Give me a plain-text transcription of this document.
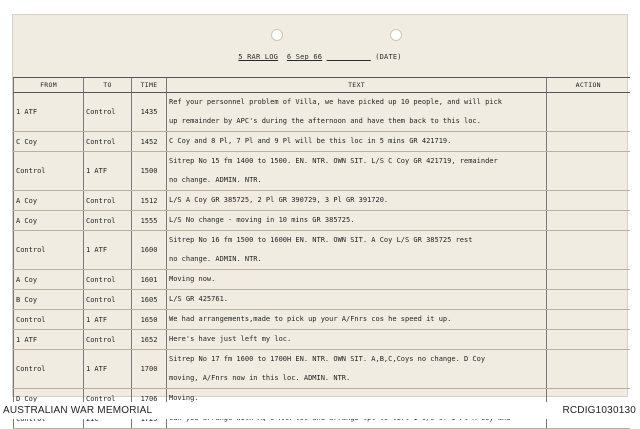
5 RAR LOG 6 Sep 66	(DATE)
FROM	TO	TIME	TEXT	ACTION
1 ATF	Control	1435	Ref your personnel problem of Villa, we have picked up 10 people, and will pick
up remainder by APC's during the afternoon and have them back to this loc.	

C Coy	Control	1452	C Coy and 8 Pl, 7 Pl and 9 Pl will be this loc in 5 mins GR 421719.	

Control	1 ATF	1500	Sitrep No 15 fm 1400 to 1500. EN. NTR. OWN SIT. L/S C Coy GR 421719, remainder
no change. ADMIN. NTR.	

A Coy	Control	1512	L/S A Coy GR 385725, 2 Pl GR 390729, 3 Pl GR 391720.	

A Coy	Control	1555	L/S No change - moving in 10 mins GR 385725.	

Control	1 ATF	1600	Sitrep No 16 fm 1500 to 1600H EN. NTR. OWN SIT. A Coy L/S GR 385725 rest
no change. ADMIN. NTR.	

A Coy	Control	1601	Moving now.	

B Coy	Control	1605	L/S GR 425761.	

Control	1 ATF	1650	We had arrangements,made to pick up your A/Fnrs cos he speed it up.	

1 ATF	Control	1652	Here's have just left my loc.	

Control	1 ATF	1700	Sitrep No 17 fm 1600 to 1700H EN. NTR. OWN SIT. A,B,C,Coys no change. D Coy
moving, A/Fnrs now in this loc. ADMIN. NTR.	

D Coy	Control	1706	Moving.	

AUSTRALIAN WAR MEMORIAL	RCDIG1030130
